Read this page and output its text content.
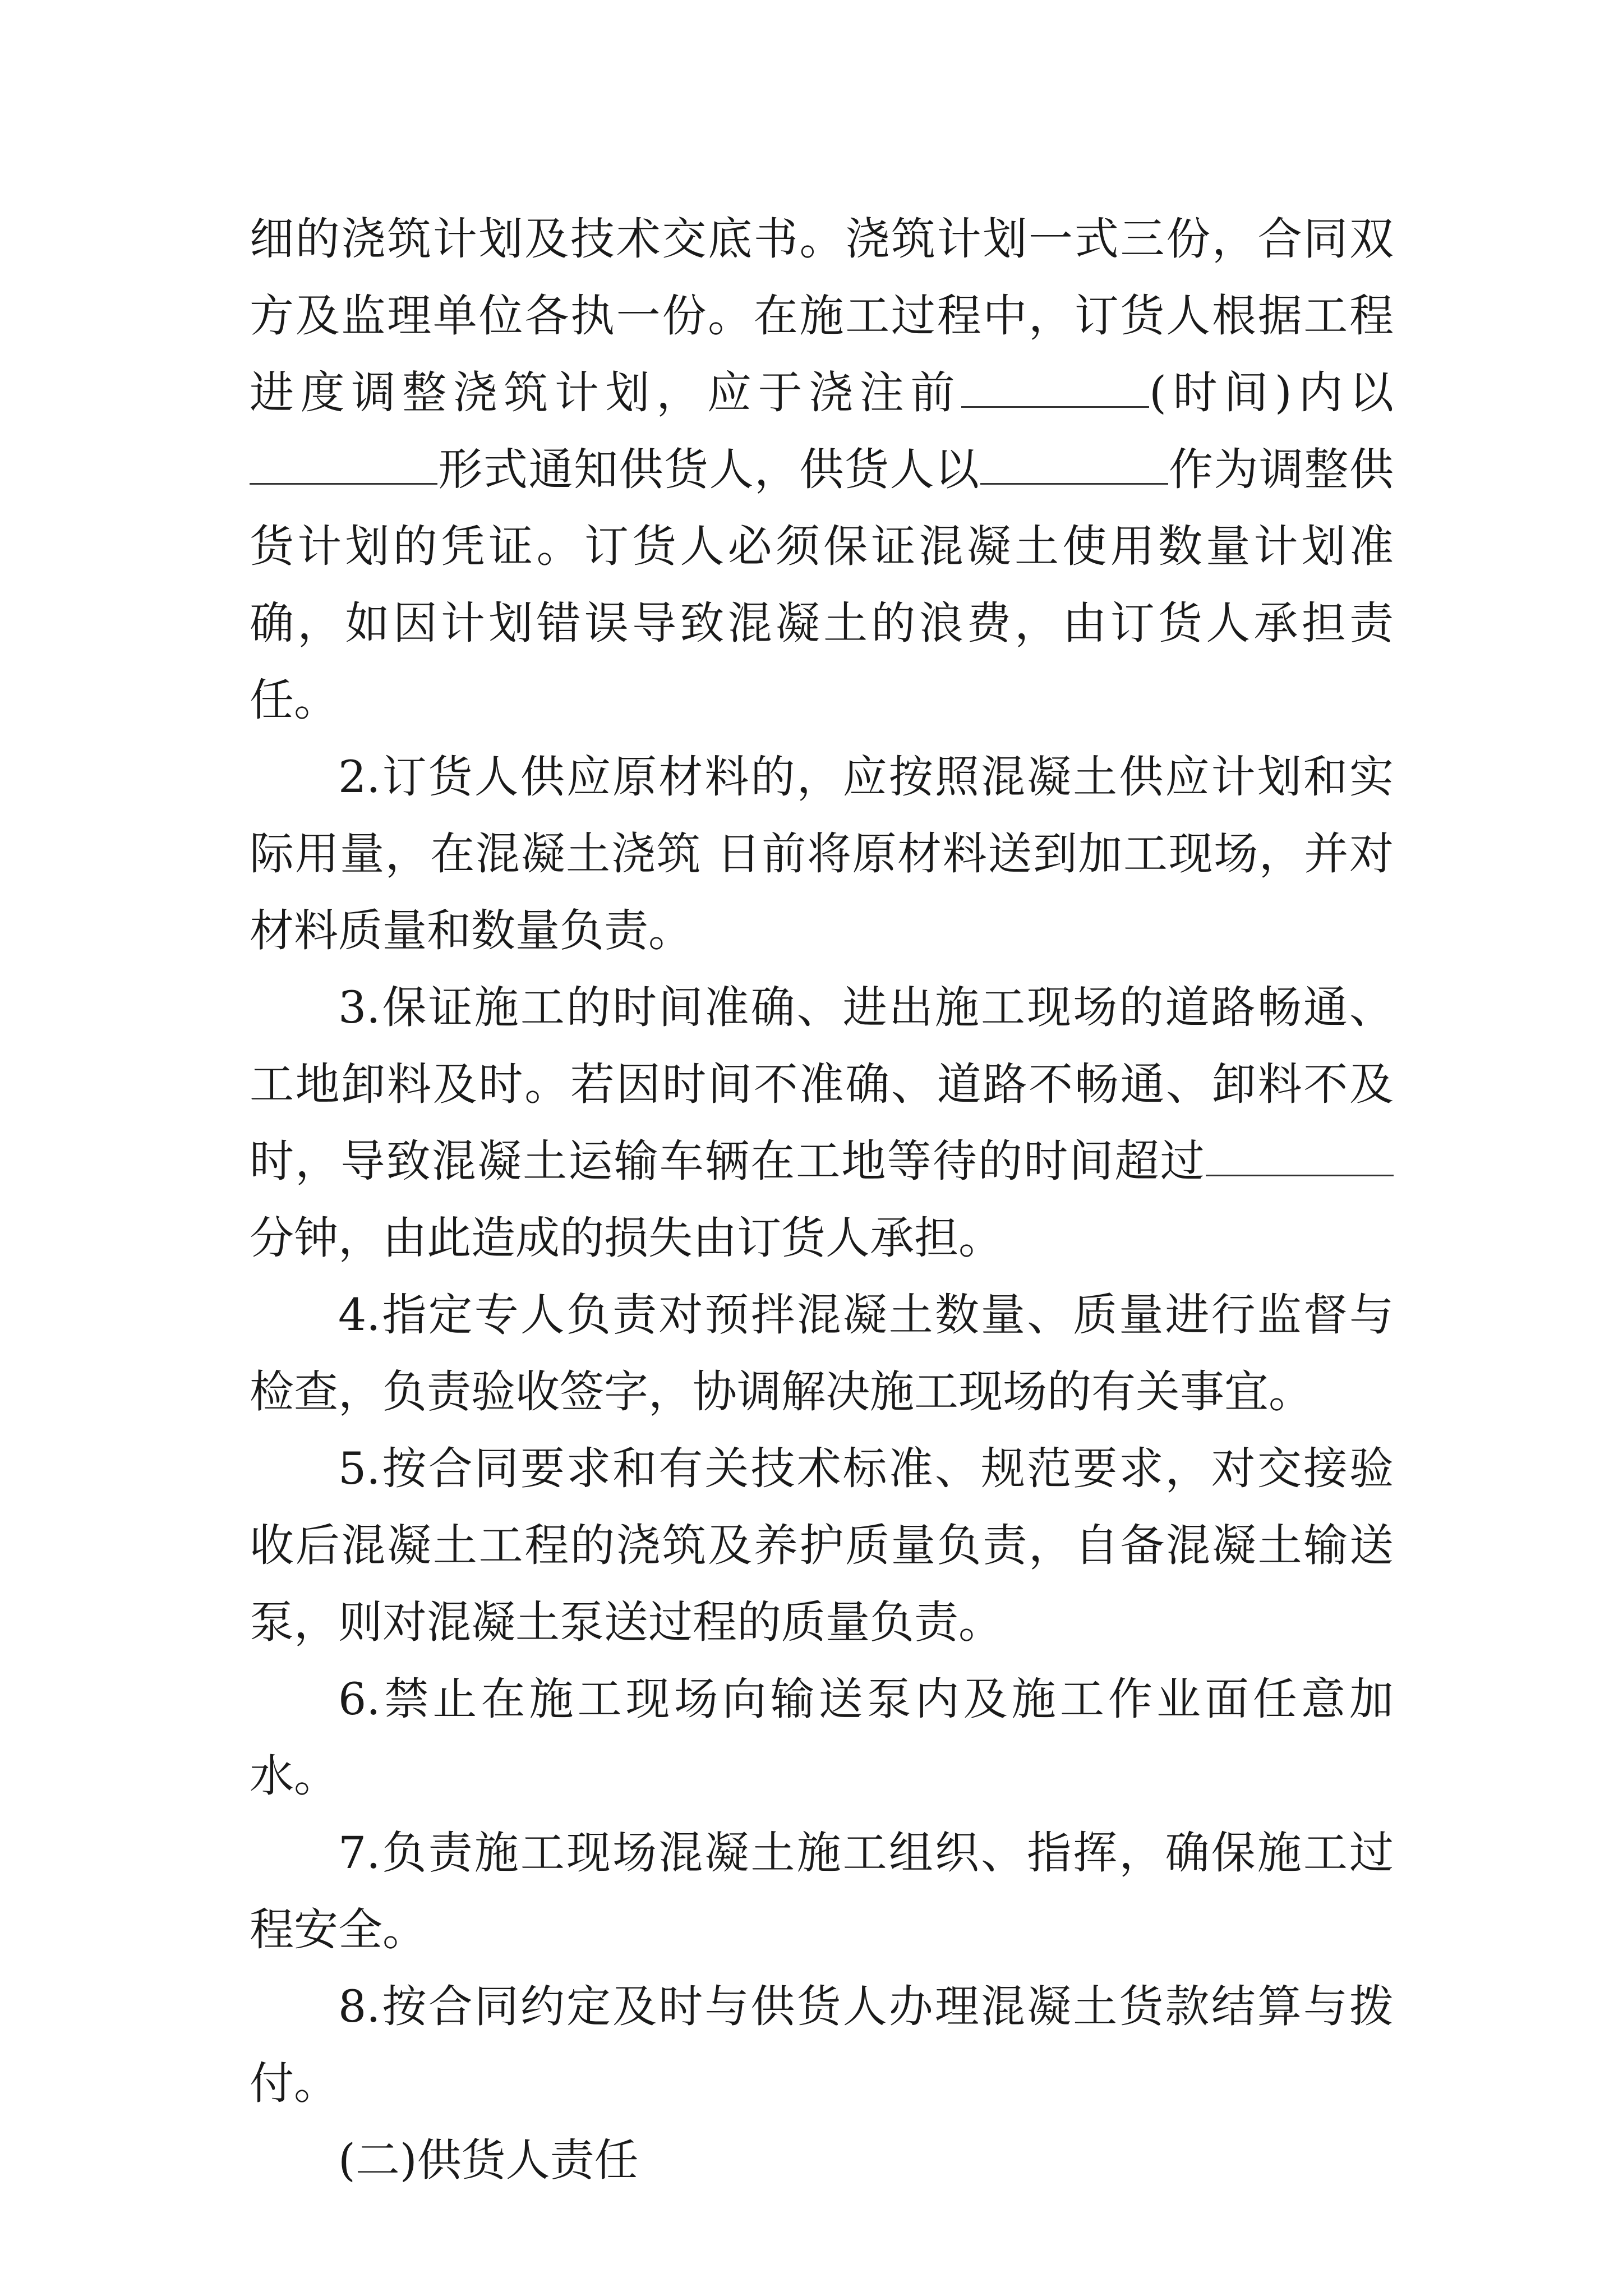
细的浇筑计划及技术交底书。浇筑计划一式三份，合同双方及监理单位各执一份。在施工过程中，订货人根据工程进度调整浇筑计划，应于浇注前	(时间)内以形式通知供货人，供货人以	作为调整供货计划的凭证。订货人必须保证混凝土使用数量计划准确，如因计划错误导致混凝土的浪费，由订货人承担责任。

2.订货人供应原材料的，应按照混凝土供应计划和实际用量，在混凝土浇筑 日前将原材料送到加工现场，并对材料质量和数量负责。

3.保证施工的时间准确、进出施工现场的道路畅通、工地卸料及时。若因时间不准确、道路不畅通、卸料不及时，导致混凝土运输车辆在工地等待的时间超过分钟，由此造成的损失由订货人承担。

4.指定专人负责对预拌混凝土数量、质量进行监督与检查，负责验收签字，协调解决施工现场的有关事宜。

5.按合同要求和有关技术标准、规范要求，对交接验收后混凝土工程的浇筑及养护质量负责，自备混凝土输送泵，则对混凝土泵送过程的质量负责。

6.禁止在施工现场向输送泵内及施工作业面任意加水。

7.负责施工现场混凝土施工组织、指挥，确保施工过程安全。

8.按合同约定及时与供货人办理混凝土货款结算与拨付。

(二)供货人责任
